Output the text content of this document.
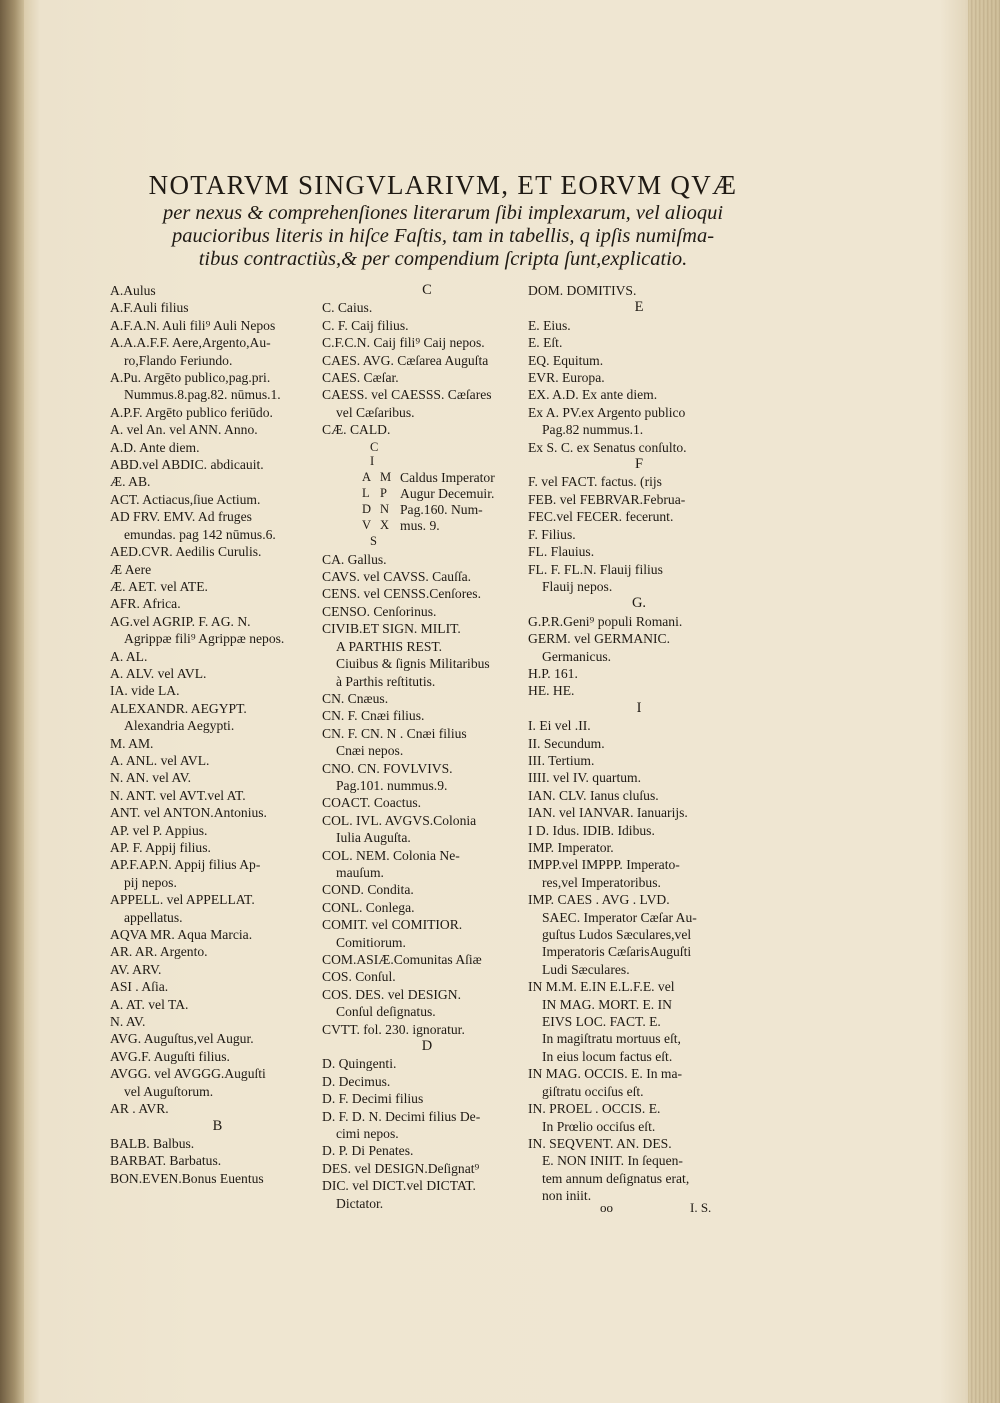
NOTARVM SINGVLARIVM, ET EORVM QVÆ
per nexus & comprehenſiones literarum ſibi implexarum, vel alioqui
paucioribus literis in hiſce Faſtis, tam in tabellis, q ipſis numiſma-
tibus contractiùs,& per compendium ſcripta ſunt,explicatio.
A.Aulus
A.F.Auli filius
A.F.A.N. Auli fili⁹ Auli Nepos
A.A.A.F.F. Aere,Argento,Au-
ro,Flando Feriundo.
A.Pu. Argēto publico,pag.pri.
Nummus.8.pag.82. nūmus.1.
A.P.F. Argēto publico feriūdo.
A. vel An. vel ANN. Anno.
A.D. Ante diem.
ABD.vel ABDIC. abdicauit.
Æ. AB.
ACT. Actiacus,ſiue Actium.
AD FRV. EMV. Ad fruges
emundas. pag 142 nūmus.6.
AED.CVR. Aedilis Curulis.
Æ Aere
Æ. AET. vel ATE.
AFR. Africa.
AG.vel AGRIP. F. AG. N.
Agrippæ fili⁹ Agrippæ nepos.
A. AL.
A. ALV. vel AVL.
IA. vide LA.
ALEXANDR. AEGYPT.
Alexandria Aegypti.
M. AM.
A. ANL. vel AVL.
N. AN. vel AV.
N. ANT. vel AVT.vel AT.
ANT. vel ANTON.Antonius.
AP. vel P. Appius.
AP. F. Appij filius.
AP.F.AP.N. Appij filius Ap-
pij nepos.
APPELL. vel APPELLAT.
appellatus.
AQVA MR. Aqua Marcia.
AR. AR. Argento.
AV. ARV.
ASI . Aſia.
A. AT. vel TA.
N. AV.
AVG. Auguſtus,vel Augur.
AVG.F. Auguſti filius.
AVGG. vel AVGGG.Auguſti
vel Auguſtorum.
AR . AVR.
B
BALB. Balbus.
BARBAT. Barbatus.
BON.EVEN.Bonus Euentus
C
C. Caius.
C. F. Caij filius.
C.F.C.N. Caij fili⁹ Caij nepos.
CAES. AVG. Cæſarea Auguſta
CAES. Cæſar.
CAESS. vel CAESSS. Cæſares
vel Cæſaribus.
CÆ. CALD.
C
I
A M
L P
D N
V X
S
Caldus Imperator
Augur Decemuir.
Pag.160. Num-
mus. 9.
CA. Gallus.
CAVS. vel CAVSS. Cauſſa.
CENS. vel CENSS.Cenſores.
CENSO. Cenſorinus.
CIVIB.ET SIGN. MILIT.
A PARTHIS REST.
Ciuibus & ſignis Militaribus
à Parthis reſtitutis.
CN. Cnæus.
CN. F. Cnæi filius.
CN. F. CN. N . Cnæi filius
Cnæi nepos.
CNO. CN. FOVLVIVS.
Pag.101. nummus.9.
COACT. Coactus.
COL. IVL. AVGVS.Colonia
Iulia Auguſta.
COL. NEM. Colonia Ne-
mauſum.
COND. Condita.
CONL. Conlega.
COMIT. vel COMITIOR.
Comitiorum.
COM.ASIÆ.Comunitas Aſiæ
COS. Conſul.
COS. DES. vel DESIGN.
Conſul deſignatus.
CVTT. fol. 230. ignoratur.
D
D. Quingenti.
D. Decimus.
D. F. Decimi filius
D. F. D. N. Decimi filius De-
cimi nepos.
D. P. Di Penates.
DES. vel DESIGN.Deſignat⁹
DIC. vel DICT.vel DICTAT.
Dictator.
DOM. DOMITIVS.
E
E. Eius.
E. Eſt.
EQ. Equitum.
EVR. Europa.
EX. A.D. Ex ante diem.
Ex A. PV.ex Argento publico
Pag.82 nummus.1.
Ex S. C. ex Senatus conſulto.
F
F. vel FACT. factus. (rijs
FEB. vel FEBRVAR.Februa-
FEC.vel FECER. fecerunt.
F. Filius.
FL. Flauius.
FL. F. FL.N. Flauij filius
Flauij nepos.
G.
G.P.R.Geni⁹ populi Romani.
GERM. vel GERMANIC.
Germanicus.
H.P. 161.
HE. HE.
I
I. Ei vel .II.
II. Secundum.
III. Tertium.
IIII. vel IV. quartum.
IAN. CLV. Ianus cluſus.
IAN. vel IANVAR. Ianuarijs.
I D. Idus. IDIB. Idibus.
IMP. Imperator.
IMPP.vel IMPPP. Imperato-
res,vel Imperatoribus.
IMP. CAES . AVG . LVD.
SAEC. Imperator Cæſar Au-
guſtus Ludos Sæculares,vel
Imperatoris CæſarisAuguſti
Ludi Sæculares.
IN M.M. E.IN E.L.F.E. vel
IN MAG. MORT. E. IN
EIVS LOC. FACT. E.
In magiſtratu mortuus eſt,
In eius locum factus eſt.
IN MAG. OCCIS. E. In ma-
giſtratu occiſus eſt.
IN. PROEL . OCCIS. E.
In Prœlio occiſus eſt.
IN. SEQVENT. AN. DES.
E. NON INIIT. In ſequen-
tem annum deſignatus erat,
non iniit.
oo	I. S.
